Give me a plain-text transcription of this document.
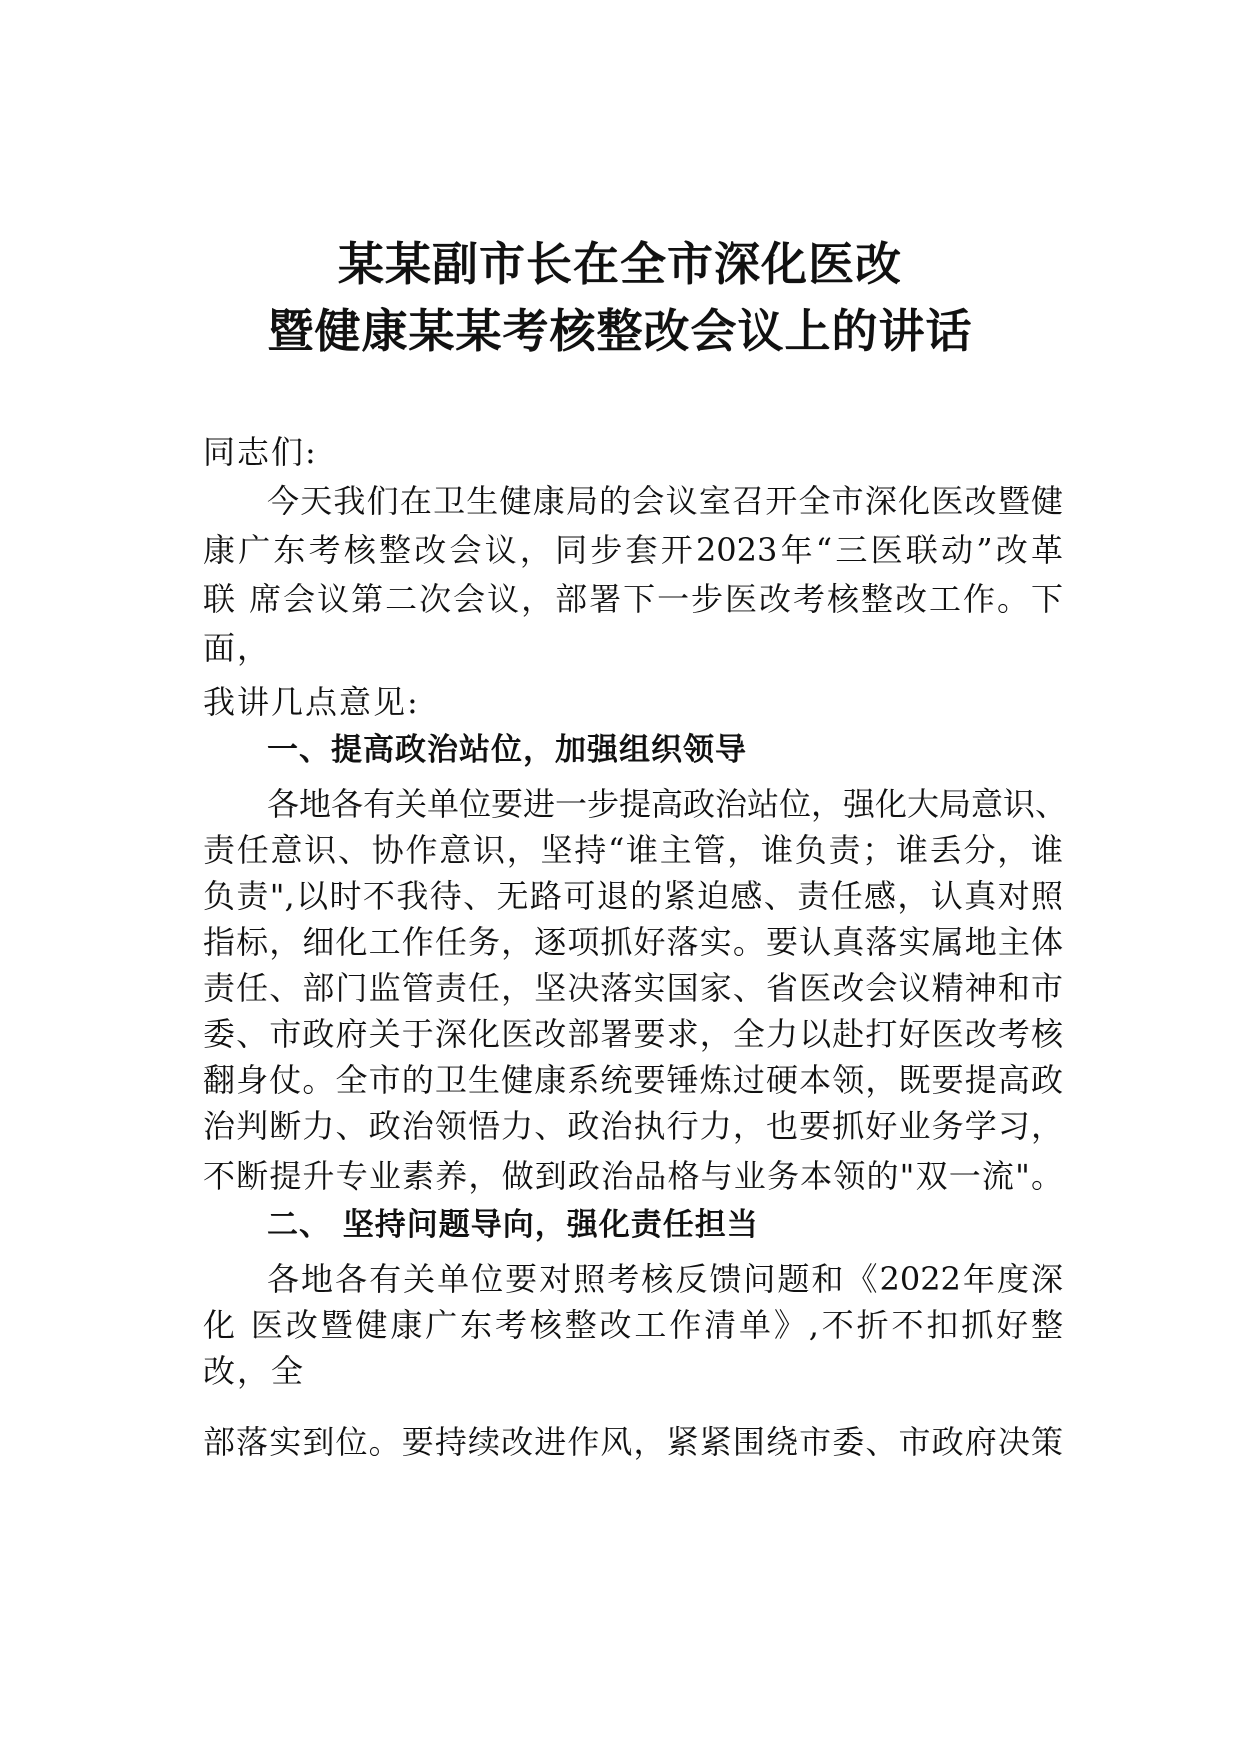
某某副市长在全市深化医改
暨健康某某考核整改会议上的讲话
同志们:
今天我们在卫生健康局的会议室召开全市深化医改暨健
康广东考核整改会议，同步套开2023年“三医联动”改革
联 席会议第二次会议，部署下一步医改考核整改工作。下
面，
我讲几点意见:
一、提高政治站位，加强组织领导
各地各有关单位要进一步提高政治站位，强化大局意识、
责任意识、协作意识，坚持“谁主管，谁负责；谁丢分，谁
负责",以时不我待、无路可退的紧迫感、责任感，认真对照
指标，细化工作任务，逐项抓好落实。要认真落实属地主体
责任、部门监管责任，坚决落实国家、省医改会议精神和市
委、市政府关于深化医改部署要求，全力以赴打好医改考核
翻身仗。全市的卫生健康系统要锤炼过硬本领，既要提高政
治判断力、政治领悟力、政治执行力，也要抓好业务学习，
不断提升专业素养，做到政治品格与业务本领的"双一流"。
二、 坚持问题导向，强化责任担当
各地各有关单位要对照考核反馈问题和《2022年度深
化 医改暨健康广东考核整改工作清单》,不折不扣抓好整
改，全
部落实到位。要持续改进作风，紧紧围绕市委、市政府决策
